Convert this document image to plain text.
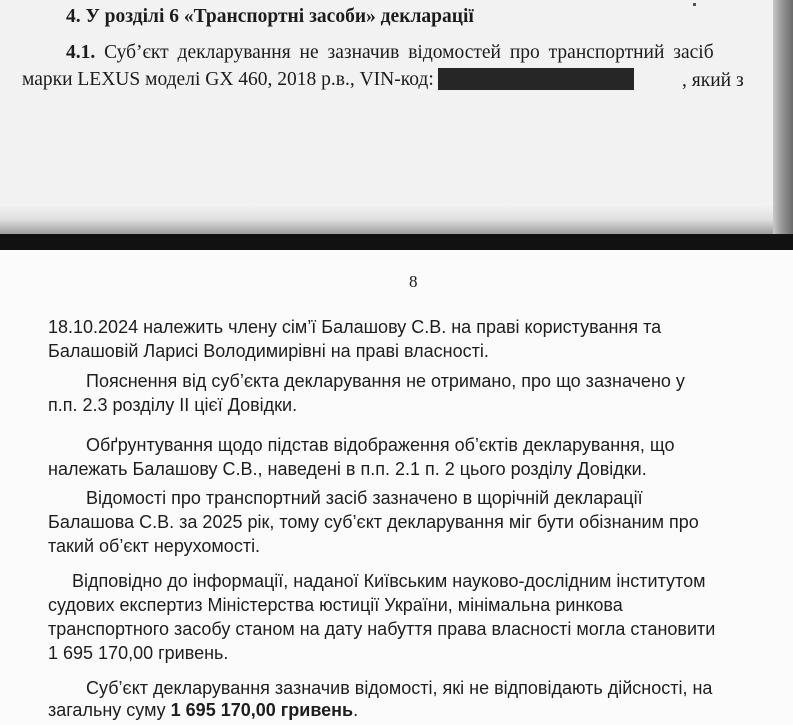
4. У розділі 6 «Транспортні засоби» декларації
4.1. Суб’єкт декларування не зазначив відомостей про транспортний засіб
марки LEXUS моделі GX 460, 2018 р.в., VIN-код:	, який з
8
18.10.2024 належить члену сім’ї Балашову С.В. на праві користування та
Балашовій Ларисі Володимирівні на праві власності.
Пояснення від суб’єкта декларування не отримано, про що зазначено у
п.п. 2.3 розділу II цієї Довідки.
Обґрунтування щодо підстав відображення об’єктів декларування, що
належать Балашову С.В., наведені в п.п. 2.1 п. 2 цього розділу Довідки.
Відомості про транспортний засіб зазначено в щорічній декларації
Балашова С.В. за 2025 рік, тому суб’єкт декларування міг бути обізнаним про
такий об’єкт нерухомості.
Відповідно до інформації, наданої Київським науково-дослідним інститутом
судових експертиз Міністерства юстиції України, мінімальна ринкова
транспортного засобу станом на дату набуття права власності могла становити
1 695 170,00 гривень.
Суб’єкт декларування зазначив відомості, які не відповідають дійсності, на
загальну суму 1 695 170,00 гривень.
